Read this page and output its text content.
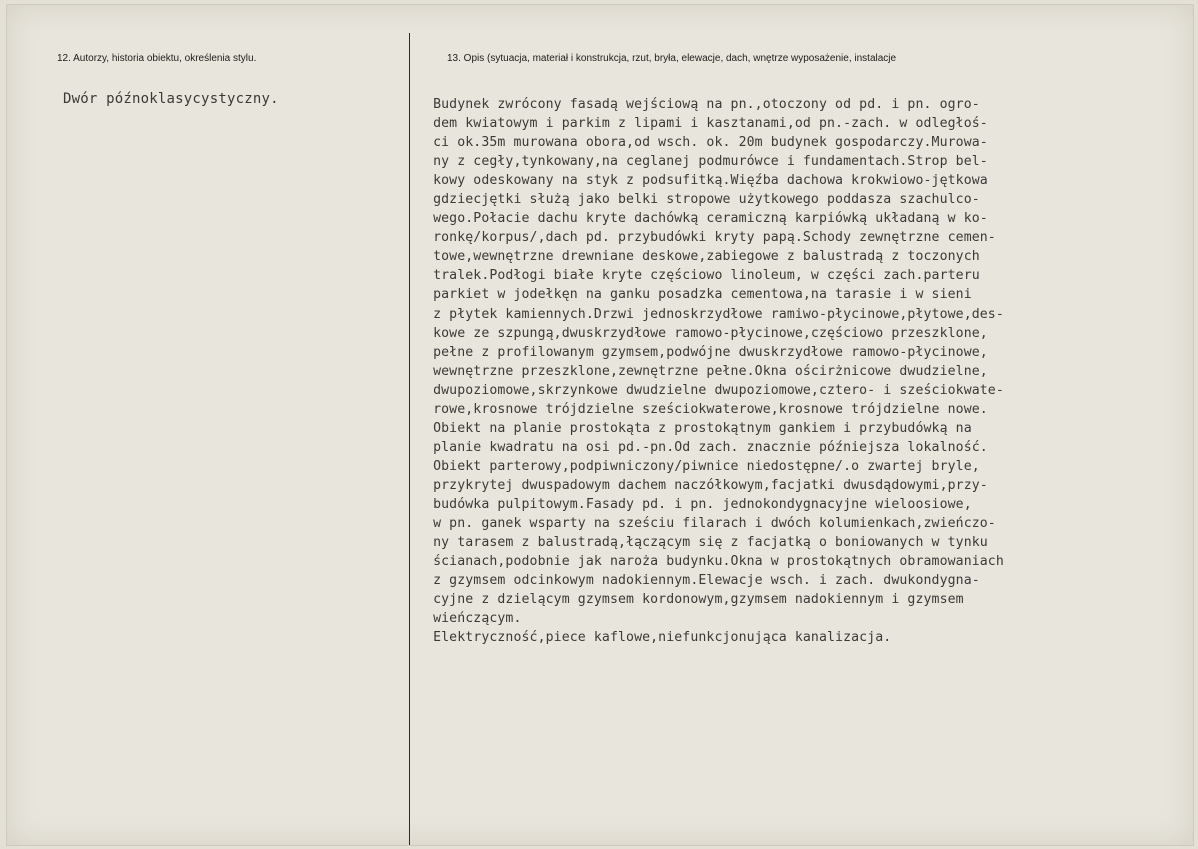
12. Autorzy, historia obiektu, określenia stylu.	13. Opis (sytuacja, materiał i konstrukcja, rzut, bryła, elewacje, dach, wnętrze wyposażenie, instalacje
Dwór późnoklasycystyczny.	Budynek zwrócony fasadą wejściową na pn.,otoczony od pd. i pn. ogro-
dem kwiatowym i parkim z lipami i kasztanami,od pn.-zach. w odległoś-
ci ok.35m murowana obora,od wsch. ok. 20m budynek gospodarczy.Murowa-
ny z cegły,tynkowany,na ceglanej podmurówce i fundamentach.Strop bel-
kowy odeskowany na styk z podsufitką.Więźba dachowa krokwiowo-jętkowa
gdziecjętki służą jako belki stropowe użytkowego poddasza szachulco-
wego.Połacie dachu kryte dachówką ceramiczną karpiówką układaną w ko-
ronkę/korpus/,dach pd. przybudówki kryty papą.Schody zewnętrzne cemen-
towe,wewnętrzne drewniane deskowe,zabiegowe z balustradą z toczonych
tralek.Podłogi białe kryte częściowo linoleum, w części zach.parteru
parkiet w jodełkęn na ganku posadzka cementowa,na tarasie i w sieni
z płytek kamiennych.Drzwi jednoskrzydłowe ramiwo-płycinowe,płytowe,des-
kowe ze szpungą,dwuskrzydłowe ramowo-płycinowe,częściowo przeszklone,
pełne z profilowanym gzymsem,podwójne dwuskrzydłowe ramowo-płycinowe,
wewnętrzne przeszklone,zewnętrzne pełne.Okna ościrżnicowe dwudzielne,
dwupoziomowe,skrzynkowe dwudzielne dwupoziomowe,cztero- i sześciokwate-
rowe,krosnowe trójdzielne sześciokwaterowe,krosnowe trójdzielne nowe.
Obiekt na planie prostokąta z prostokątnym gankiem i przybudówką na
planie kwadratu na osi pd.-pn.Od zach. znacznie późniejsza lokalność.
Obiekt parterowy,podpiwniczony/piwnice niedostępne/.o zwartej bryle,
przykrytej dwuspadowym dachem naczółkowym,facjatki dwusdądowymi,przy-
budówka pulpitowym.Fasady pd. i pn. jednokondygnacyjne wieloosiowe,
w pn. ganek wsparty na sześciu filarach i dwóch kolumienkach,zwieńczo-
ny tarasem z balustradą,łączącym się z facjatką o boniowanych w tynku
ścianach,podobnie jak naroża budynku.Okna w prostokątnych obramowaniach
z gzymsem odcinkowym nadokiennym.Elewacje wsch. i zach. dwukondygna-
cyjne z dzielącym gzymsem kordonowym,gzymsem nadokiennym i gzymsem
wieńczącym.
Elektryczność,piece kaflowe,niefunkcjonująca kanalizacja.
